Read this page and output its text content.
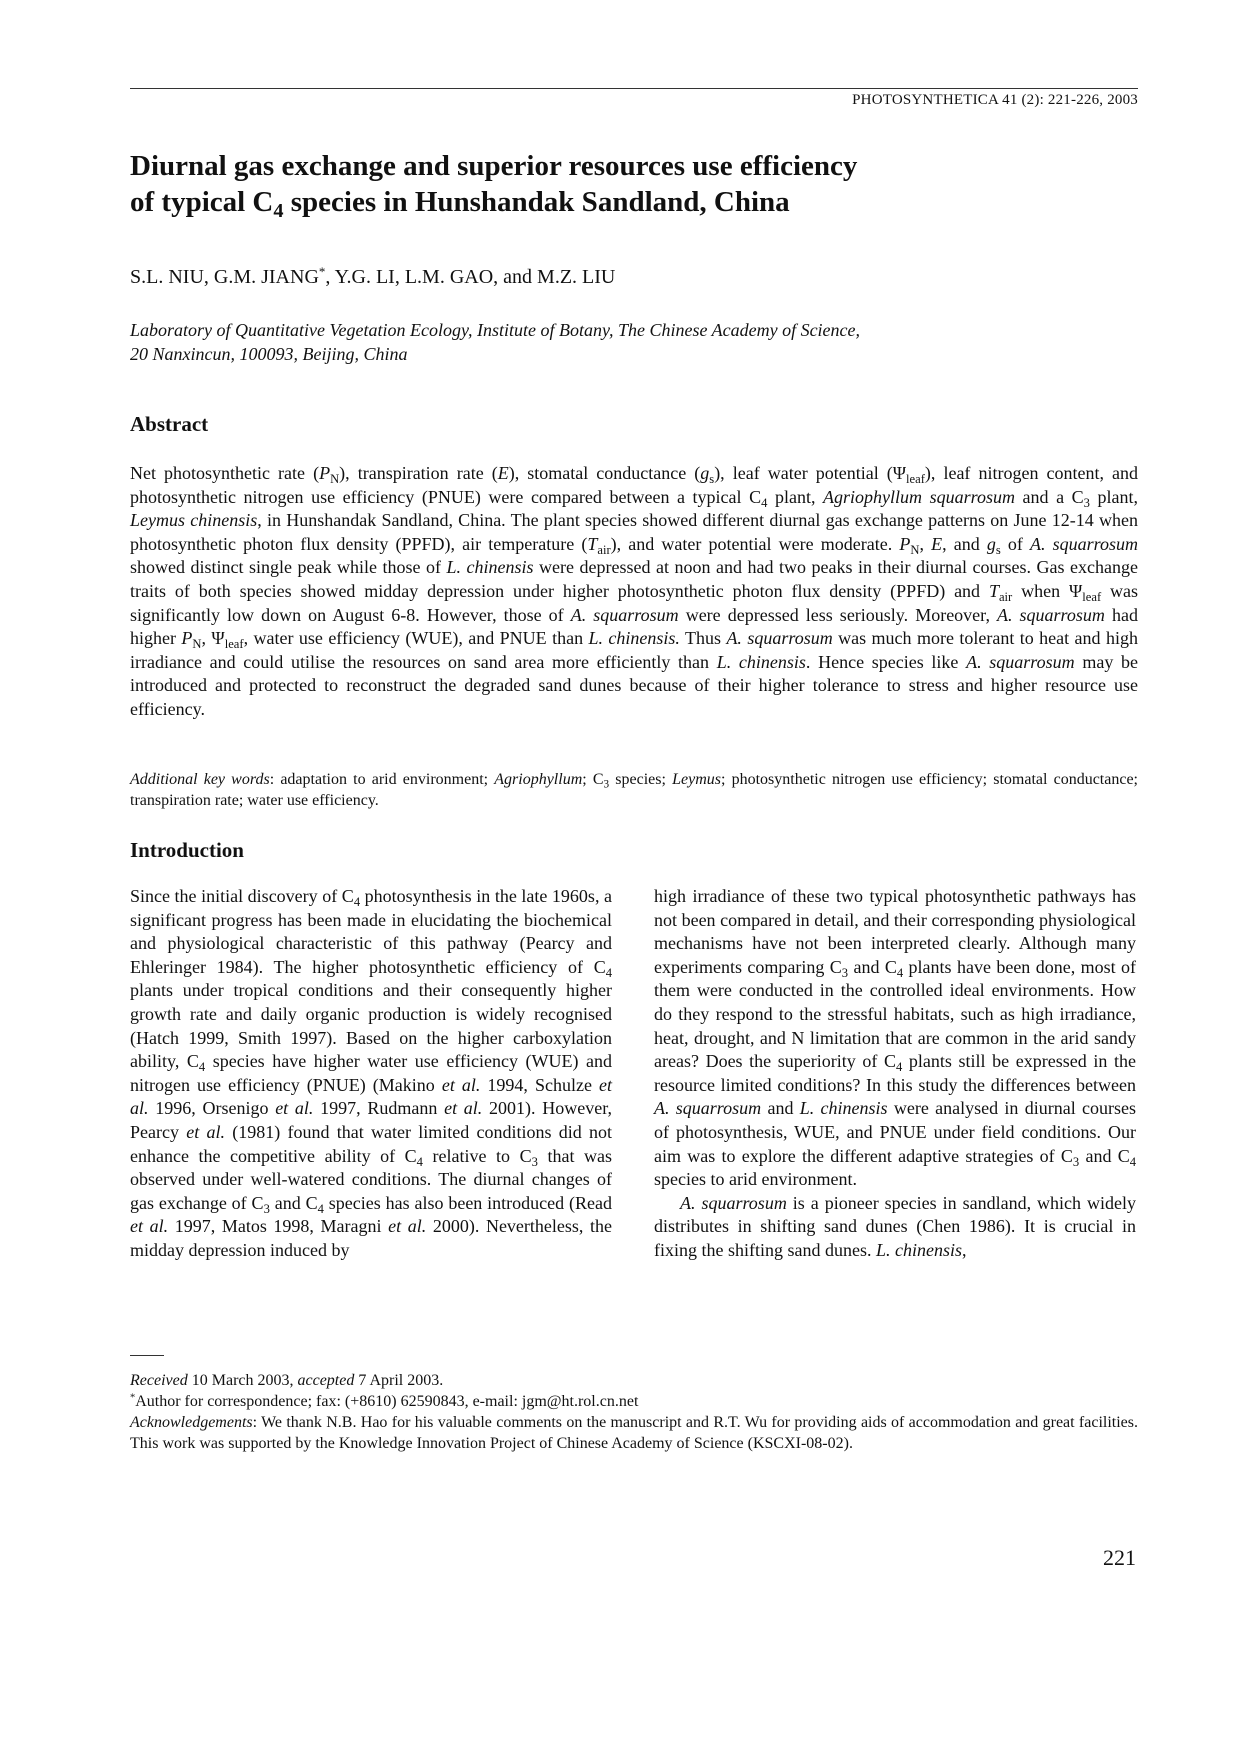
PHOTOSYNTHETICA 41 (2): 221-226, 2003
Diurnal gas exchange and superior resources use efficiency
of typical $C_4$ species in Hunshandak Sandland, China
S.L. NIU, G.M. JIANG*, Y.G. LI, L.M. GAO, and M.Z. LIU
Laboratory of Quantitative Vegetation Ecology, Institute of Botany, The Chinese Academy of Science,
20 Nanxincun, 100093, Beijing, China
Abstract

Net photosynthetic rate $(P_N)$, transpiration rate (E), stomatal conductance $(g_s)$, leaf water potential $(\Psi_{leaf})$, leaf nitrogen content, and photosynthetic nitrogen use efficiency (PNUE) were compared between a typical $C_4$ plant, Agriophyllum squarrosum and a $C_3$ plant, Leymus chinensis, in Hunshandak Sandland, China. The plant species showed different diurnal gas exchange patterns on June 12-14 when photosynthetic photon flux density (PPFD), air temperature $(T_{air})$, and water potential were moderate. $P_N$, E, and $g_s$ of A. squarrosum showed distinct single peak while those of L. chinensis were depressed at noon and had two peaks in their diurnal courses. Gas exchange traits of both species showed midday depression under higher photosynthetic photon flux density (PPFD) and $T_{air}$ when $\Psi_{leaf}$ was significantly low down on August 6-8. However, those of A. squarrosum were depressed less seriously. Moreover, A. squarrosum had higher $P_N$, $\Psi_{leaf}$, water use efficiency (WUE), and PNUE than L. chinensis. Thus A. squarrosum was much more tolerant to heat and high irradiance and could utilise the resources on sand area more efficiently than L. chinensis. Hence species like A. squarrosum may be introduced and protected to reconstruct the degraded sand dunes because of their higher tolerance to stress and higher resource use efficiency.

Additional key words: adaptation to arid environment; Agriophyllum; $C_3$ species; Leymus; photosynthetic nitrogen use efficiency; stomatal conductance; transpiration rate; water use efficiency.

Introduction

Since the initial discovery of $C_4$ photosynthesis in the late 1960s, a significant progress has been made in elucidating the biochemical and physiological characteristic of this pathway (Pearcy and Ehleringer 1984). The higher photosynthetic efficiency of $C_4$ plants under tropical conditions and their consequently higher growth rate and daily organic production is widely recognised (Hatch 1999, Smith 1997). Based on the higher carboxylation ability, $C_4$ species have higher water use efficiency (WUE) and nitrogen use efficiency (PNUE) (Makino et al. 1994, Schulze et al. 1996, Orsenigo et al. 1997, Rudmann et al. 2001). However, Pearcy et al. (1981) found that water limited conditions did not enhance the competitive ability of $C_4$ relative to $C_3$ that was observed under well-watered conditions. The diurnal changes of gas exchange of $C_3$ and $C_4$ species has also been introduced (Read et al. 1997, Matos 1998, Maragni et al. 2000). Nevertheless, the midday depression induced by

high irradiance of these two typical photosynthetic pathways has not been compared in detail, and their corresponding physiological mechanisms have not been interpreted clearly. Although many experiments comparing $C_3$ and $C_4$ plants have been done, most of them were conducted in the controlled ideal environments. How do they respond to the stressful habitats, such as high irradiance, heat, drought, and N limitation that are common in the arid sandy areas? Does the superiority of $C_4$ plants still be expressed in the resource limited conditions? In this study the differences between A. squarrosum and L. chinensis were analysed in diurnal courses of photosynthesis, WUE, and PNUE under field conditions. Our aim was to explore the different adaptive strategies of $C_3$ and $C_4$ species to arid environment.

A. squarrosum is a pioneer species in sandland, which widely distributes in shifting sand dunes (Chen 1986). It is crucial in fixing the shifting sand dunes. L. chinensis,

Received 10 March 2003, accepted 7 April 2003.

*Author for correspondence; fax: (+8610) 62590843, e-mail: jgm@ht.rol.cn.net

Acknowledgements: We thank N.B. Hao for his valuable comments on the manuscript and R.T. Wu for providing aids of accommodation and great facilities. This work was supported by the Knowledge Innovation Project of Chinese Academy of Science (KSCXI-08-02).

221
